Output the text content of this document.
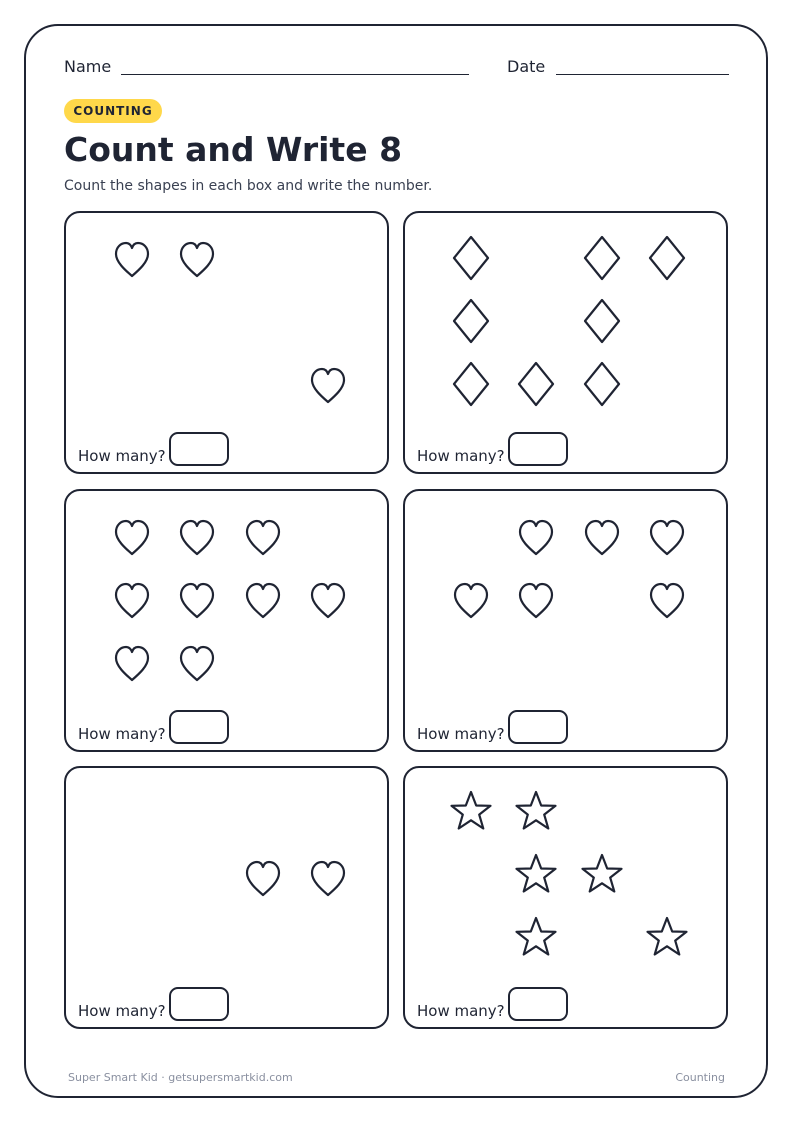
Name	Date
COUNTING
Count and Write 8
Count the shapes in each box and write the number.
How many?	How many?
How many?	How many?
How many?	How many?
Super Smart Kid · getsupersmartkid.com	Counting
